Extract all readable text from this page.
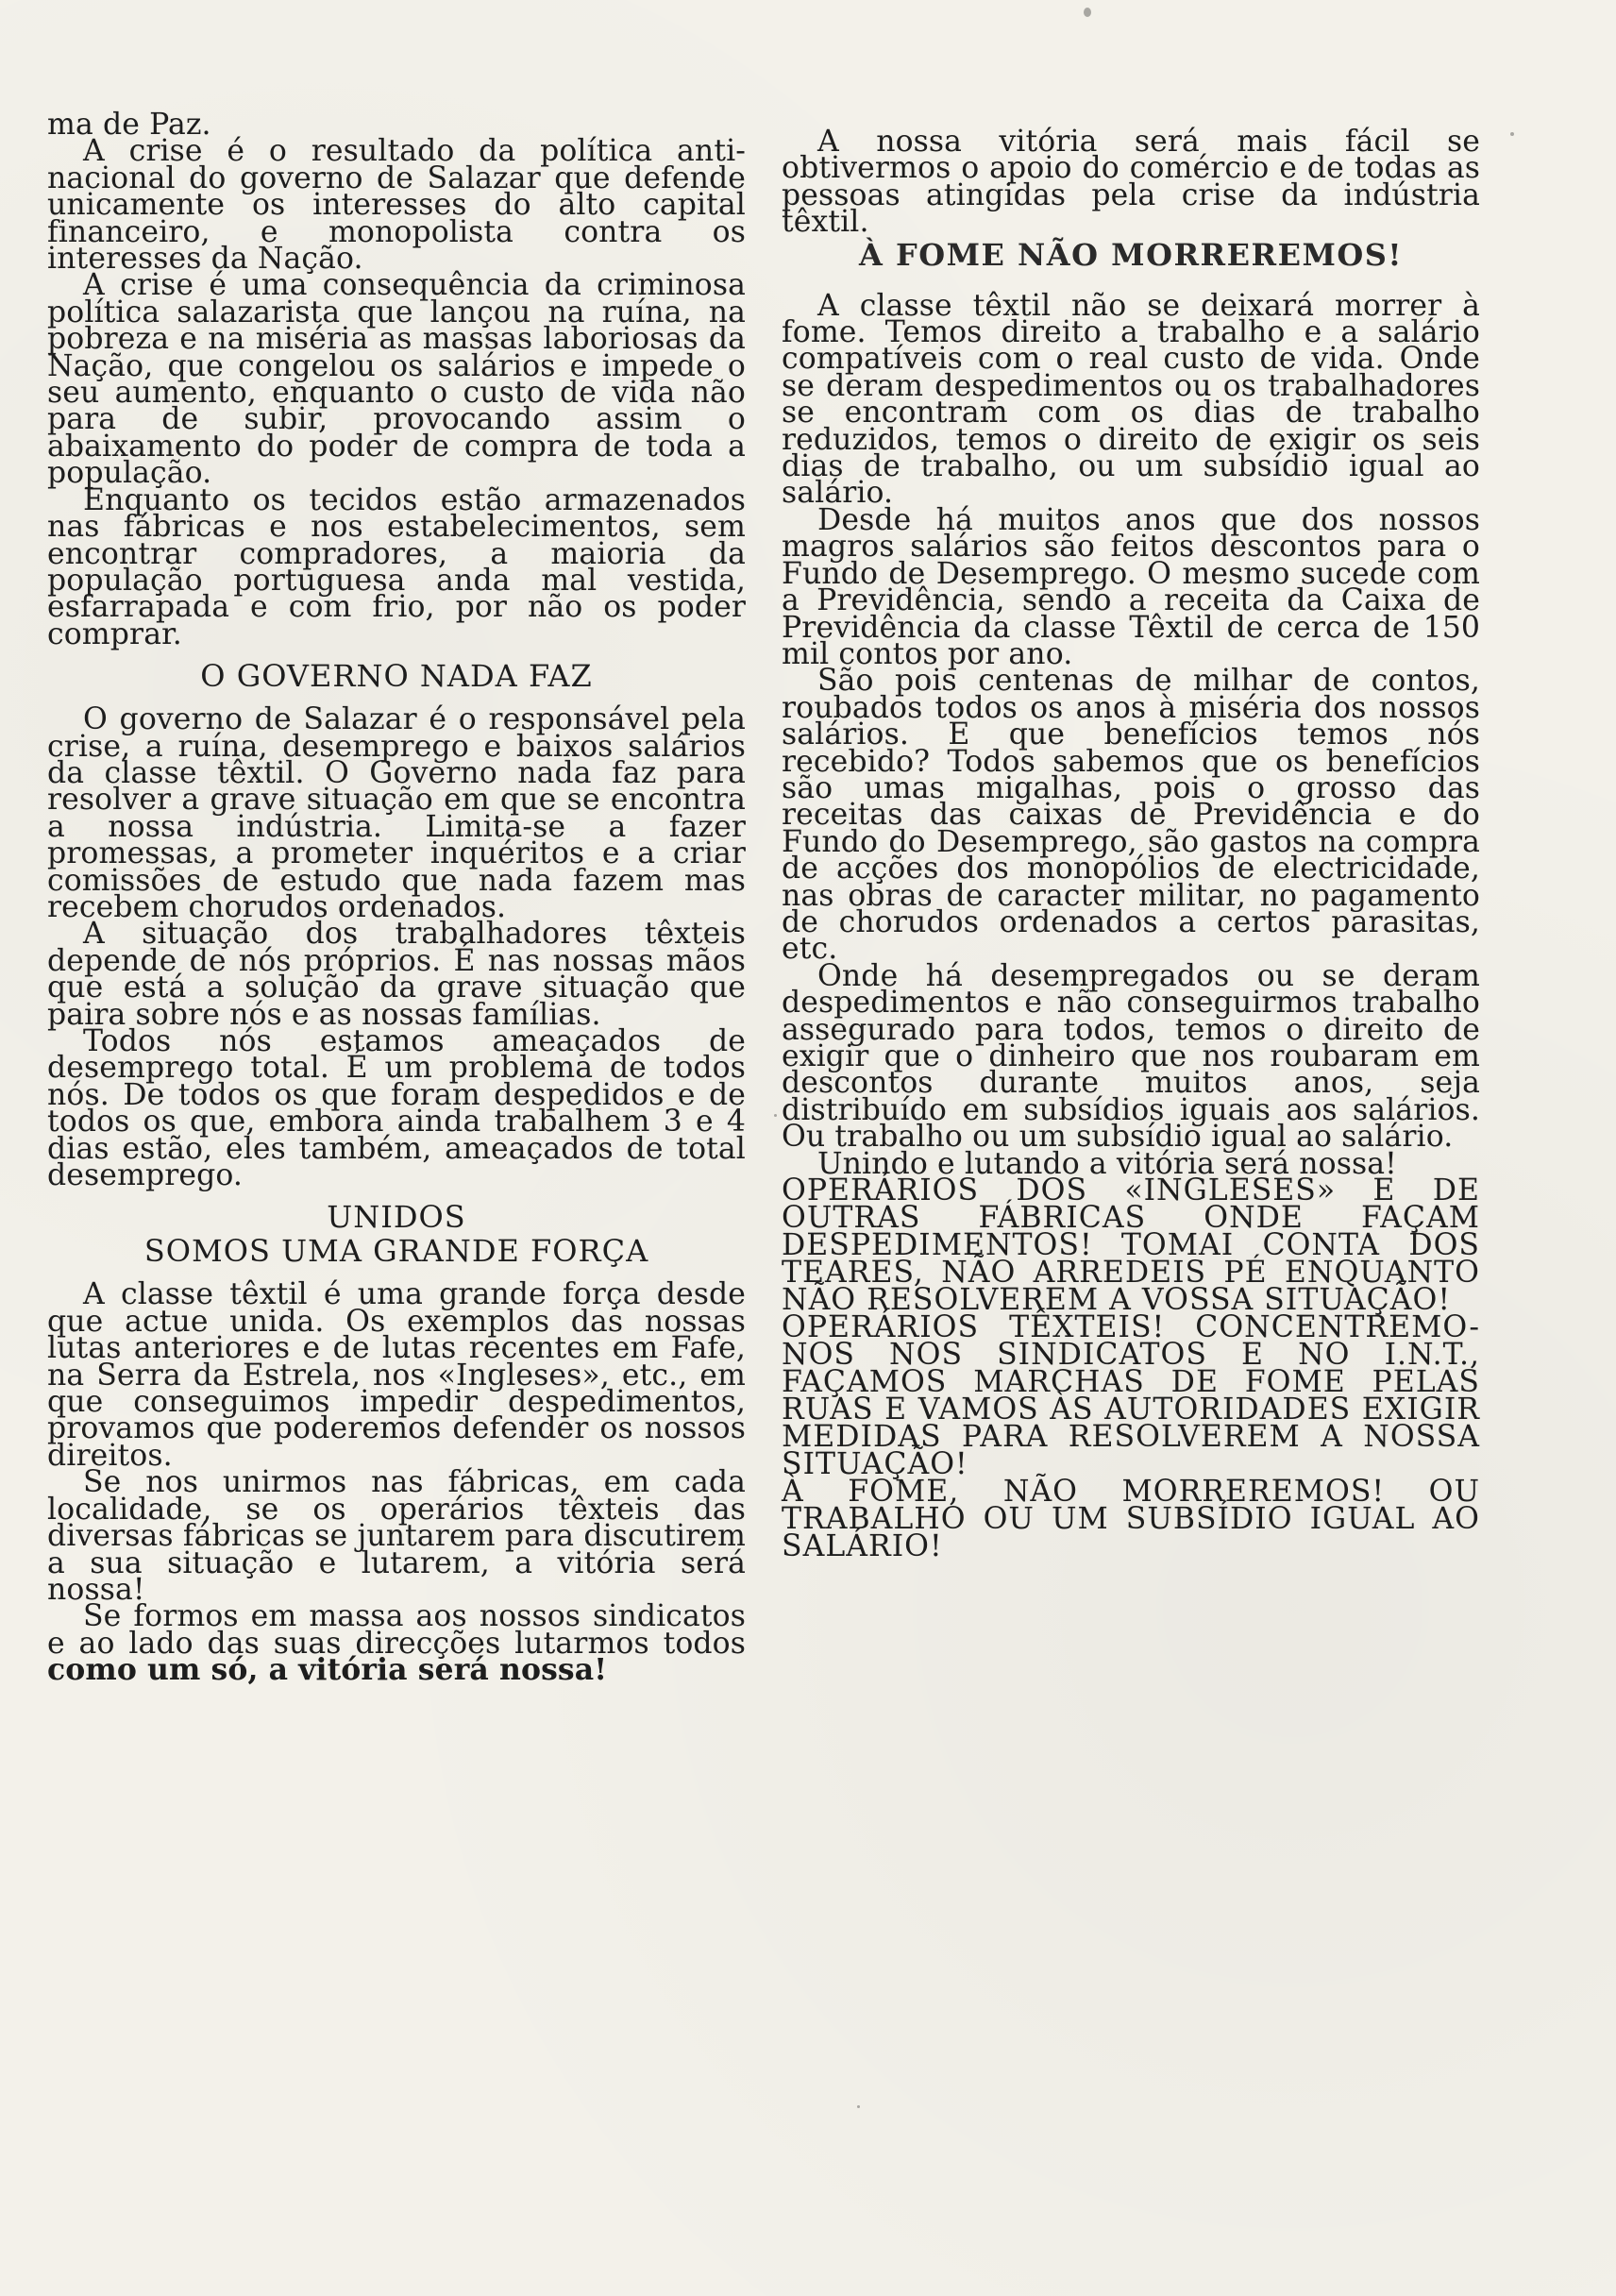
ma de Paz.

A crise é o resultado da política anti-nacional do governo de Salazar que defende unicamente os interesses do alto capital financeiro, e monopolista contra os interesses da Nação.

A crise é uma consequência da criminosa política salazarista que lançou na ruína, na pobreza e na miséria as massas laboriosas da Nação, que congelou os salários e impede o seu aumento, enquanto o custo de vida não para de subir, provocando assim o abaixamento do poder de compra de toda a população.

Enquanto os tecidos estão armazenados nas fábricas e nos estabelecimentos, sem encontrar compradores, a maioria da população portuguesa anda mal vestida, esfarrapada e com frio, por não os poder comprar.

O GOVERNO NADA FAZ

O governo de Salazar é o responsável pela crise, a ruína, desemprego e baixos salários da classe têxtil. O Governo nada faz para resolver a grave situação em que se encontra a nossa indústria. Limita-se a fazer promessas, a prometer inquéritos e a criar comissões de estudo que nada fazem mas recebem chorudos ordenados.

A situação dos trabalhadores têxteis depende de nós próprios. É nas nossas mãos que está a solução da grave situação que paira sobre nós e as nossas famílias.

Todos nós estamos ameaçados de desemprego total. É um problema de todos nós. De todos os que foram despedidos e de todos os que, embora ainda trabalhem 3 e 4 dias estão, eles também, ameaçados de total desemprego.

UNIDOS
SOMOS UMA GRANDE FORÇA

A classe têxtil é uma grande força desde que actue unida. Os exemplos das nossas lutas anteriores e de lutas recentes em Fafe, na Serra da Estrela, nos «Ingleses», etc., em que conseguimos impedir despedimentos, provamos que poderemos defender os nossos direitos.

Se nos unirmos nas fábricas, em cada localidade, se os operários têxteis das diversas fábricas se juntarem para discutirem a sua situação e lutarem, a vitória será nossa!

Se formos em massa aos nossos sindicatos e ao lado das suas direcções lutarmos todos como um só, a vitória será nossa!

A nossa vitória será mais fácil se obtivermos o apoio do comércio e de todas as pessoas atingidas pela crise da indústria têxtil.

À FOME NÃO MORREREMOS!

A classe têxtil não se deixará morrer à fome. Temos direito a trabalho e a salário compatíveis com o real custo de vida. Onde se deram despedimentos ou os trabalhadores se encontram com os dias de trabalho reduzidos, temos o direito de exigir os seis dias de trabalho, ou um subsídio igual ao salário.

Desde há muitos anos que dos nossos magros salários são feitos descontos para o Fundo de Desemprego. O mesmo sucede com a Previdência, sendo a receita da Caixa de Previdência da classe Têxtil de cerca de 150 mil contos por ano.

São pois centenas de milhar de contos, roubados todos os anos à miséria dos nossos salários. E que benefícios temos nós recebido? Todos sabemos que os benefícios são umas migalhas, pois o grosso das receitas das caixas de Previdência e do Fundo do Desemprego, são gastos na compra de acções dos monopólios de electricidade, nas obras de caracter militar, no pagamento de chorudos ordenados a certos parasitas, etc.

Onde há desempregados ou se deram despedimentos e não conseguirmos trabalho assegurado para todos, temos o direito de exigir que o dinheiro que nos roubaram em descontos durante muitos anos, seja distribuído em subsídios iguais aos salários. Ou trabalho ou um subsídio igual ao salário.

Unindo e lutando a vitória será nossa!

OPERÁRIOS DOS «INGLESES» E DE OUTRAS FÁBRICAS ONDE FAÇAM DESPEDIMENTOS! TOMAI CONTA DOS TEARES, NÃO ARREDEIS PÉ ENQUANTO NÃO RESOLVEREM A VOSSA SITUAÇÃO!

OPERÁRIOS TÊXTEIS! CONCENTREMO-NOS NOS SINDICATOS E NO I.N.T., FAÇAMOS MARCHAS DE FOME PELAS RUAS E VAMOS ÀS AUTORIDADES EXIGIR MEDIDAS PARA RESOLVEREM A NOSSA SITUAÇÃO!

À FOME, NÃO MORREREMOS! OU TRABALHO OU UM SUBSÍDIO IGUAL AO SALÁRIO!
